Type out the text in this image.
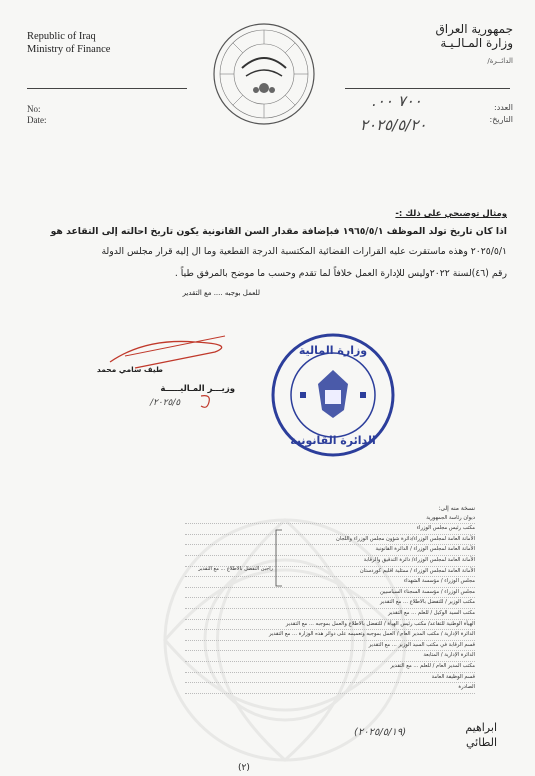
Republic of Iraq
Ministry of Finance
جمهورية العراق
وزارة المـالـيـة
الدائــرة/
No:
Date:
العدد:
التاريخ:
٧٠٠ ٠٠.
٢٠٢٥/٥/٢٠
ومثال توضيحي على ذلك :-
اذا كان تاريخ تولد الموظف ١٩٦٥/٥/١ فبإضافة مقدار السن القانونية يكون تاريخ احالته إلى التقاعد هو
٢٠٢٥/٥/١ وهذه ماستقرت عليه القرارات القضائية المكتسبة الدرجة القطعية وما ال إليه قرار مجلس الدولة
رقم (٤٦)لسنة ٢٠٢٢وليس للإدارة العمل خلافاً لما تقدم وحسب ما موضح بالمرفق طياً .
للعمل بوجبه .... مع التقدير
طيف سامي محمد
وزيـــر المـاليـــــة
٢٠٢٥/٥/
وزارة المالية
الدائرة القانونية
نسخة منه إلى:
ديوان رئاسة الجمهورية
مكتب رئيس مجلس الوزراء
الأمانة العامة لمجلس الوزراء/دائرة شؤون مجلس الوزراء واللجان
الأمانة العامة لمجلس الوزراء / الدائرة القانونية
الأمانة العامة لمجلس الوزراء/ دائرة التدقيق والرقابة
الأمانة العامة لمجلس الوزراء / ممثلية اقليم كوردستان
مجلس الوزراء / مؤسسة الشهداء
مجلس الوزراء / مؤسسة السجناء السياسيين
مكتب الوزير / للتفضل بالاطلاع ... مع التقدير
مكتب السيد الوكيل / للعلم ... مع التقدير
الهيأة الوطنية للتقاعد/ مكتب رئيس الهيأة / للتفضل بالاطلاع والعمل بموجبه ... مع التقدير
الدائرة الإدارية / مكتب المدير العام / العمل بموجبه وتعميمه على دوائر هذه الوزارة ... مع التقدير
قسم الرقابة في مكتب السيد الوزير ... مع التقدير
الدائرة الإدارية / المتابعة
مكتب المدير العام / للعلم ... مع التقدير
قسم الوظيفة العامة
الصادرة
راجين التفضل بالاطلاع ... مع التقدير
ابراهيم
الطائي
(٢٠٢٥/٥/١٩)
(٢)
